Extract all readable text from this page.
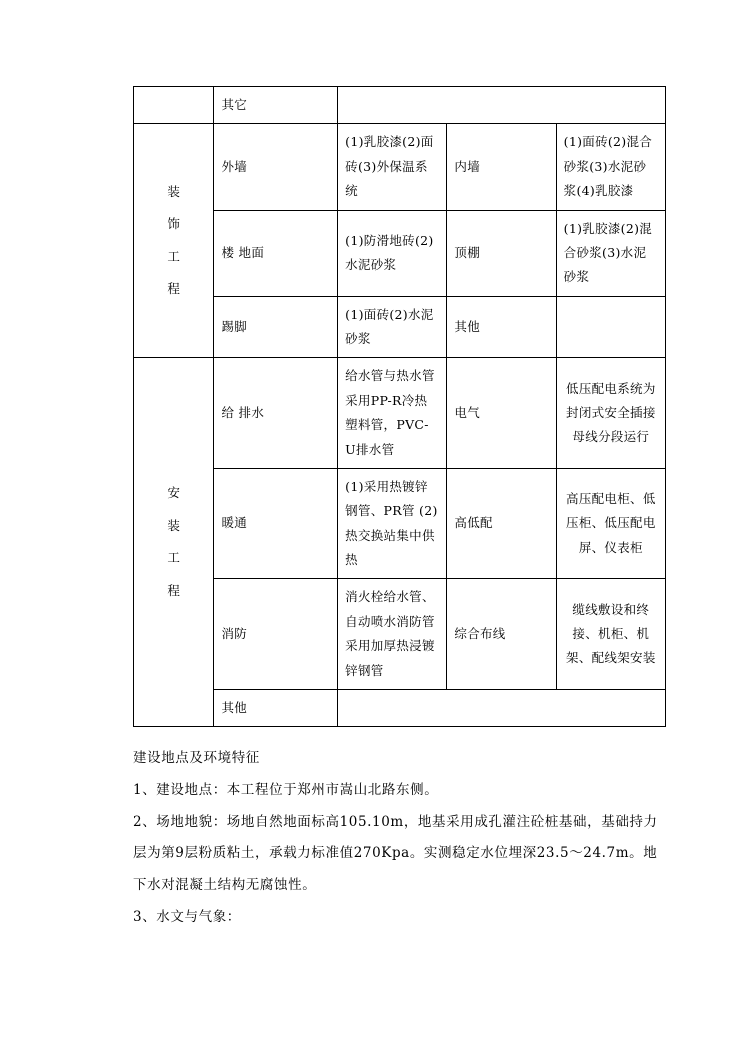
	其它			

装
饰
工
程	外墙	(1)乳胶漆(2)面砖(3)外保温系统	内墙	(1)面砖(2)混合砂浆(3)水泥砂浆(4)乳胶漆
	楼 地面	(1)防滑地砖(2)水泥砂浆	顶棚	(1)乳胶漆(2)混合砂浆(3)水泥砂浆
	踢脚	(1)面砖(2)水泥砂浆	其他	

安
装
工
程	给 排水	给水管与热水管采用PP-R冷热塑料管，PVC-U排水管	电气	低压配电系统为封闭式安全插接母线分段运行
	暖通	(1)采用热镀锌钢管、PR管 (2)热交换站集中供热	高低配	高压配电柜、低压柜、低压配电屏、仪表柜
	消防	消火栓给水管、自动喷水消防管采用加厚热浸镀锌钢管	综合布线	缆线敷设和终接、机柜、机架、配线架安装
	其他			

建设地点及环境特征

1、建设地点：本工程位于郑州市嵩山北路东侧。

2、场地地貌：场地自然地面标高105.10m，地基采用成孔灌注砼桩基础，基础持力层为第9层粉质粘土，承载力标准值270Kpa。实测稳定水位埋深23.5～24.7m。地下水对混凝土结构无腐蚀性。

3、水文与气象：
